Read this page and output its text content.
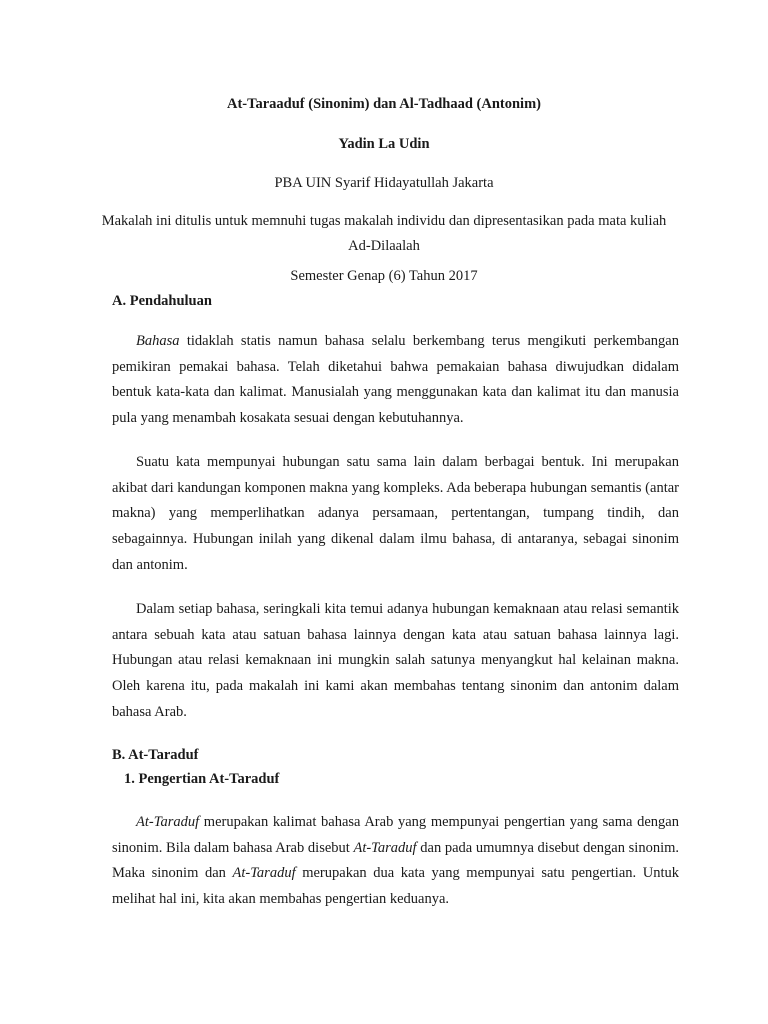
At-Taraaduf (Sinonim) dan Al-Tadhaad (Antonim)
Yadin La Udin
PBA UIN Syarif Hidayatullah Jakarta
Makalah ini ditulis untuk memnuhi tugas makalah individu dan dipresentasikan pada mata kuliah Ad-Dilaalah
Semester Genap (6) Tahun 2017
A. Pendahuluan

Bahasa tidaklah statis namun bahasa selalu berkembang terus mengikuti perkembangan pemikiran pemakai bahasa. Telah diketahui bahwa pemakaian bahasa diwujudkan didalam bentuk kata-kata dan kalimat. Manusialah yang menggunakan kata dan kalimat itu dan manusia pula yang menambah kosakata sesuai dengan kebutuhannya.

Suatu kata mempunyai hubungan satu sama lain dalam berbagai bentuk. Ini merupakan akibat dari kandungan komponen makna yang kompleks. Ada beberapa hubungan semantis (antar makna) yang memperlihatkan adanya persamaan, pertentangan, tumpang tindih, dan sebagainnya. Hubungan inilah yang dikenal dalam ilmu bahasa, di antaranya, sebagai sinonim dan antonim.

Dalam setiap bahasa, seringkali kita temui adanya hubungan kemaknaan atau relasi semantik antara sebuah kata atau satuan bahasa lainnya dengan kata atau satuan bahasa lainnya lagi. Hubungan atau relasi kemaknaan ini mungkin salah satunya menyangkut hal kelainan makna. Oleh karena itu, pada makalah ini kami akan membahas tentang sinonim dan antonim dalam bahasa Arab.

B. At-Taraduf
1. Pengertian At-Taraduf

At-Taraduf merupakan kalimat bahasa Arab yang mempunyai pengertian yang sama dengan sinonim. Bila dalam bahasa Arab disebut At-Taraduf dan pada umumnya disebut dengan sinonim. Maka sinonim dan At-Taraduf merupakan dua kata yang mempunyai satu pengertian. Untuk melihat hal ini, kita akan membahas pengertian keduanya.
